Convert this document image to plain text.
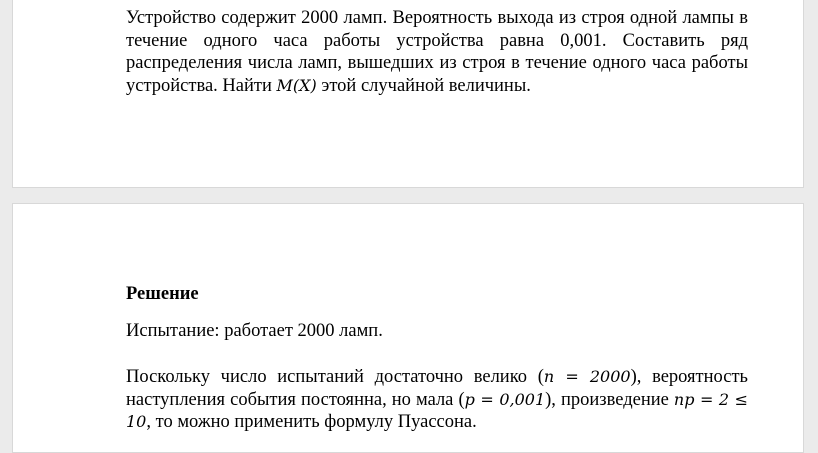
Устройство содержит 2000 ламп. Вероятность выхода из строя одной лампы в течение одного часа работы устройства равна 0,001. Составить ряд распределения числа ламп, вышедших из строя в течение одного часа работы устройства. Найти M(X) этой случайной величины.

Решение

Испытание: работает 2000 ламп.

Поскольку число испытаний достаточно велико (n = 2000), вероятность наступления события постоянна, но мала (p = 0,001), произведение np = 2 ≤ 10, то можно применить формулу Пуассона.
